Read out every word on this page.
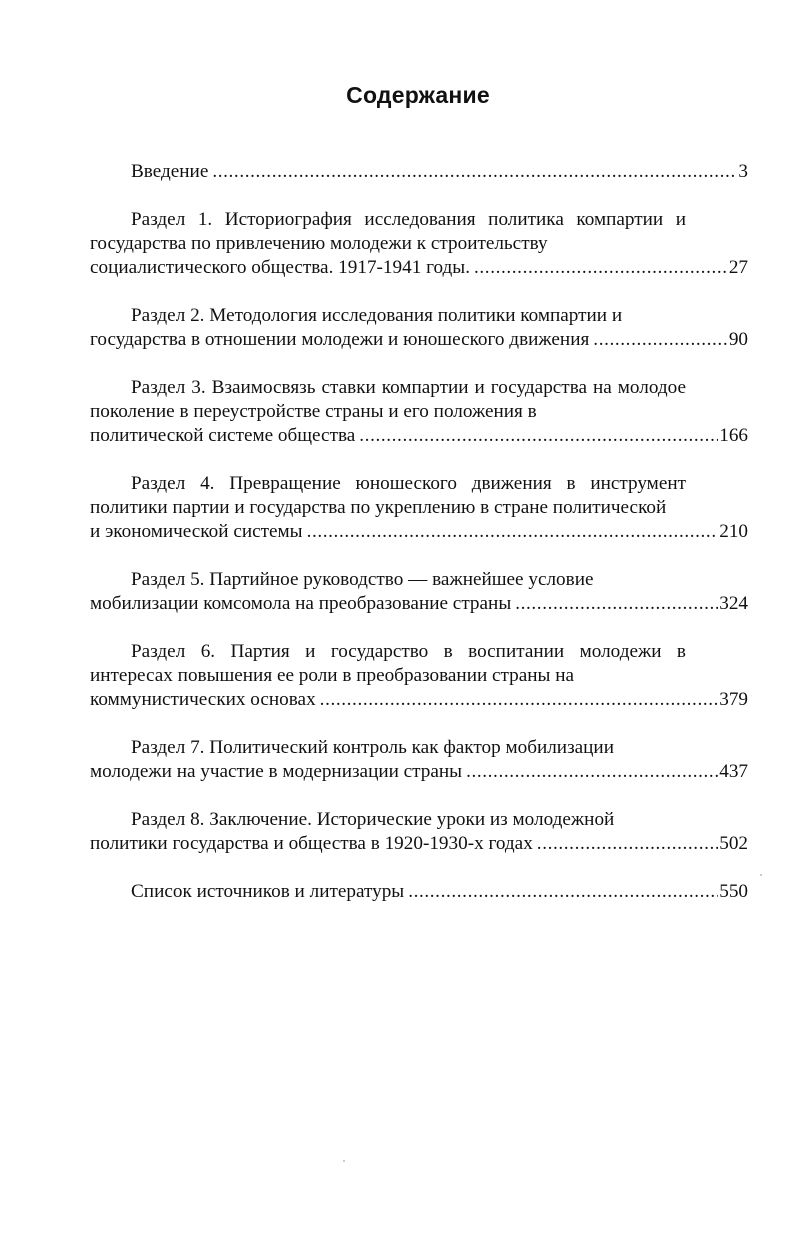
Содержание
Введение .....	3
Раздел 1. Историография исследования политика компартии и государства по привлечению молодежи к строительству
социалистического общества. 1917-1941 годы. .....	27
Раздел 2. Методология исследования политики компартии и
государства в отношении молодежи и юношеского движения .....	90
Раздел 3. Взаимосвязь ставки компартии и государства на молодое поколение в переустройстве страны и его положения в
политической системе общества .....	166
Раздел 4. Превращение юношеского движения в инструмент политики партии и государства по укреплению в стране политической
и экономической системы .....	210
Раздел 5. Партийное руководство — важнейшее условие
мобилизации комсомола на преобразование страны .....	324
Раздел 6. Партия и государство в воспитании молодежи в интересах повышения ее роли в преобразовании страны на
коммунистических основах .....	379
Раздел 7. Политический контроль как фактор мобилизации
молодежи на участие в модернизации страны .....	437
Раздел 8. Заключение. Исторические уроки из молодежной
политики государства и общества в 1920-1930-х годах .....	502
Список источников и литературы .....	550
